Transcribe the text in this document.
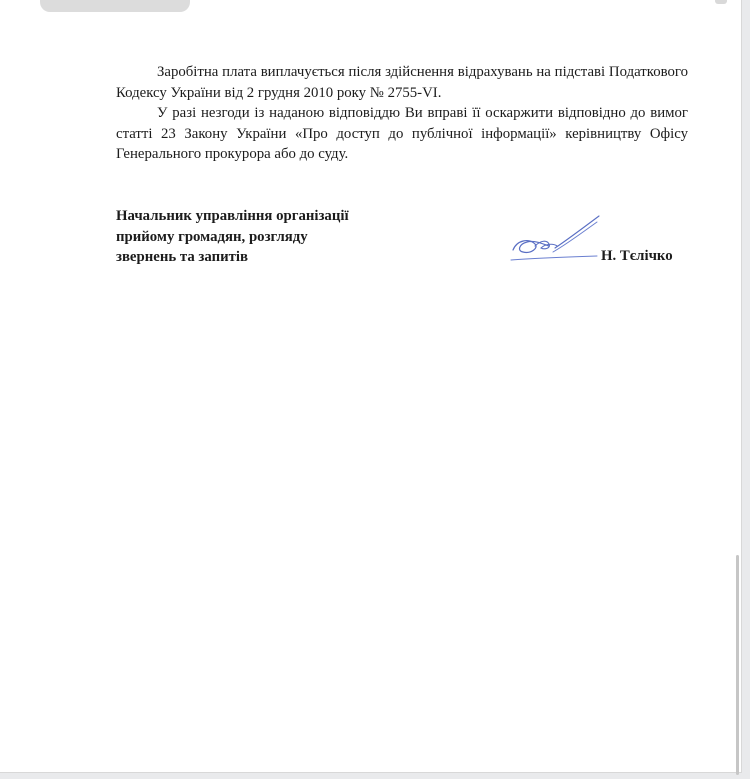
Заробітна плата виплачується після здійснення відрахувань на підставі Податкового Кодексу України від 2 грудня 2010 року № 2755-VI.

У разі незгоди із наданою відповіддю Ви вправі її оскаржити відповідно до вимог статті 23 Закону України «Про доступ до публічної інформації» керівництву Офісу Генерального прокурора або до суду.

Начальник управління організації
прийому громадян, розгляду
звернень та запитів	Н. Тєлічко
